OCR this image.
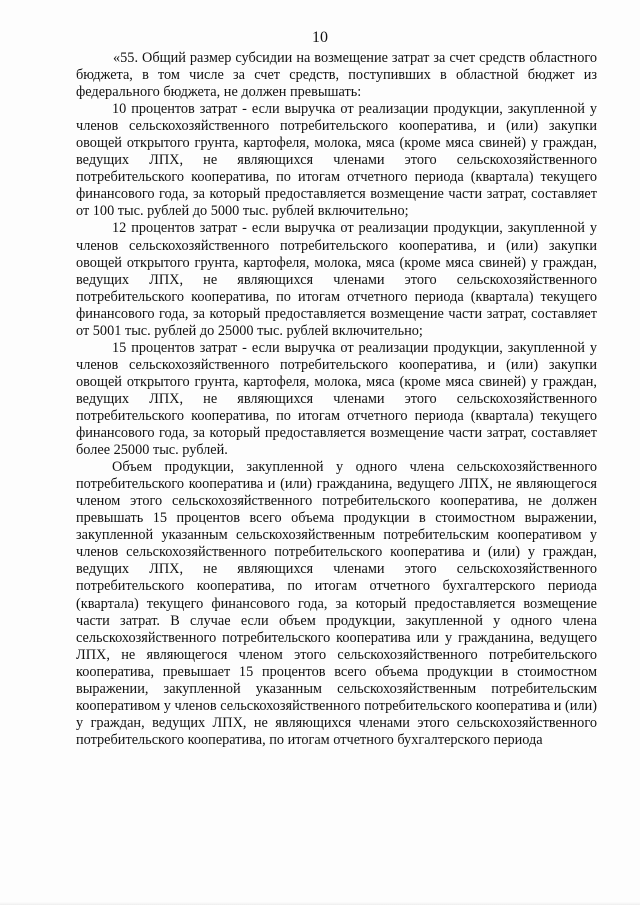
10

«55. Общий размер субсидии на возмещение затрат за счет средств областного бюджета, в том числе за счет средств, поступивших в областной бюджет из федерального бюджета, не должен превышать:

10 процентов затрат - если выручка от реализации продукции, закупленной у членов сельскохозяйственного потребительского кооператива, и (или) закупки овощей открытого грунта, картофеля, молока, мяса (кроме мяса свиней) у граждан, ведущих ЛПХ, не являющихся членами этого сельскохозяйственного потребительского кооператива, по итогам отчетного периода (квартала) текущего финансового года, за который предоставляется возмещение части затрат, составляет от 100 тыс. рублей до 5000 тыс. рублей включительно;

12 процентов затрат - если выручка от реализации продукции, закупленной у членов сельскохозяйственного потребительского кооператива, и (или) закупки овощей открытого грунта, картофеля, молока, мяса (кроме мяса свиней) у граждан, ведущих ЛПХ, не являющихся членами этого сельскохозяйственного потребительского кооператива, по итогам отчетного периода (квартала) текущего финансового года, за который предоставляется возмещение части затрат, составляет от 5001 тыс. рублей до 25000 тыс. рублей включительно;

15 процентов затрат - если выручка от реализации продукции, закупленной у членов сельскохозяйственного потребительского кооператива, и (или) закупки овощей открытого грунта, картофеля, молока, мяса (кроме мяса свиней) у граждан, ведущих ЛПХ, не являющихся членами этого сельскохозяйственного потребительского кооператива, по итогам отчетного периода (квартала) текущего финансового года, за который предоставляется возмещение части затрат, составляет более 25000 тыс. рублей.

Объем продукции, закупленной у одного члена сельскохозяйственного потребительского кооператива и (или) гражданина, ведущего ЛПХ, не являющегося членом этого сельскохозяйственного потребительского кооператива, не должен превышать 15 процентов всего объема продукции в стоимостном выражении, закупленной указанным сельскохозяйственным потребительским кооперативом у членов сельскохозяйственного потребительского кооператива и (или) у граждан, ведущих ЛПХ, не являющихся членами этого сельскохозяйственного потребительского кооператива, по итогам отчетного бухгалтерского периода (квартала) текущего финансового года, за который предоставляется возмещение части затрат. В случае если объем продукции, закупленной у одного члена сельскохозяйственного потребительского кооператива или у гражданина, ведущего ЛПХ, не являющегося членом этого сельскохозяйственного потребительского кооператива, превышает 15 процентов всего объема продукции в стоимостном выражении, закупленной указанным сельскохозяйственным потребительским кооперативом у членов сельскохозяйственного потребительского кооператива и (или) у граждан, ведущих ЛПХ, не являющихся членами этого сельскохозяйственного потребительского кооператива, по итогам отчетного бухгалтерского периода
